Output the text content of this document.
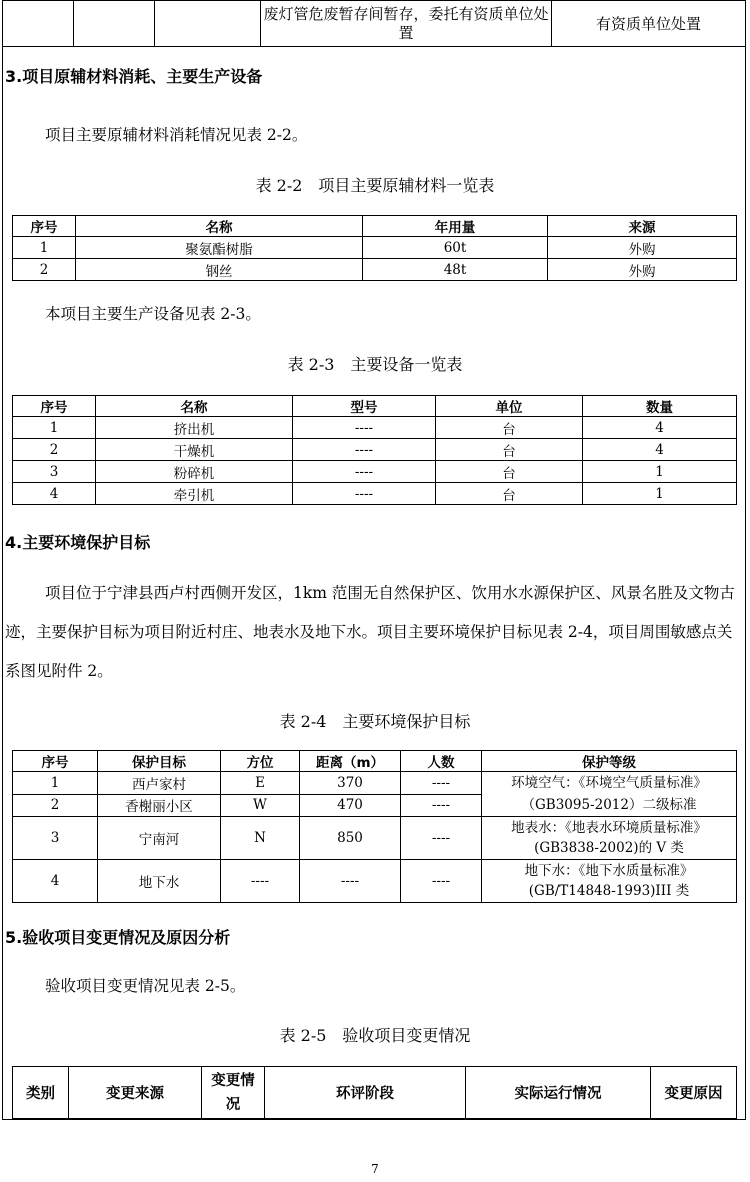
			废灯管危废暂存间暂存，委托有资质单位处置	有资质单位处置
3.项目原辅材料消耗、主要生产设备
项目主要原辅材料消耗情况见表 2-2。
表 2-2　项目主要原辅材料一览表
序号	名称	年用量	来源
1	聚氨酯树脂	60t	外购
2	钢丝	48t	外购
本项目主要生产设备见表 2-3。
表 2-3　主要设备一览表
序号	名称	型号	单位	数量
1	挤出机	----	台	4
2	干燥机	----	台	4
3	粉碎机	----	台	1
4	牵引机	----	台	1
4.主要环境保护目标
项目位于宁津县西卢村西侧开发区，1km 范围无自然保护区、饮用水水源保护区、风景名胜及文物古迹，主要保护目标为项目附近村庄、地表水及地下水。项目主要环境保护目标见表 2-4，项目周围敏感点关系图见附件 2。
表 2-4　主要环境保护目标
序号	保护目标	方位	距离（m）	人数	保护等级
1	西卢家村	E	370	----	环境空气：《环境空气质量标准》
（GB3095-2012）二级标准

2	香榭丽小区	W	470	----	
3	宁南河	N	850	----	地表水：《地表水环境质量标准》
(GB3838-2002)的 V 类

4	地下水	----	----	----	地下水：《地下水质量标准》
(GB/T14848-1993)III 类
5.验收项目变更情况及原因分析
验收项目变更情况见表 2-5。
表 2-5　验收项目变更情况
类别	变更来源	变更情况	环评阶段	实际运行情况	变更原因
7
